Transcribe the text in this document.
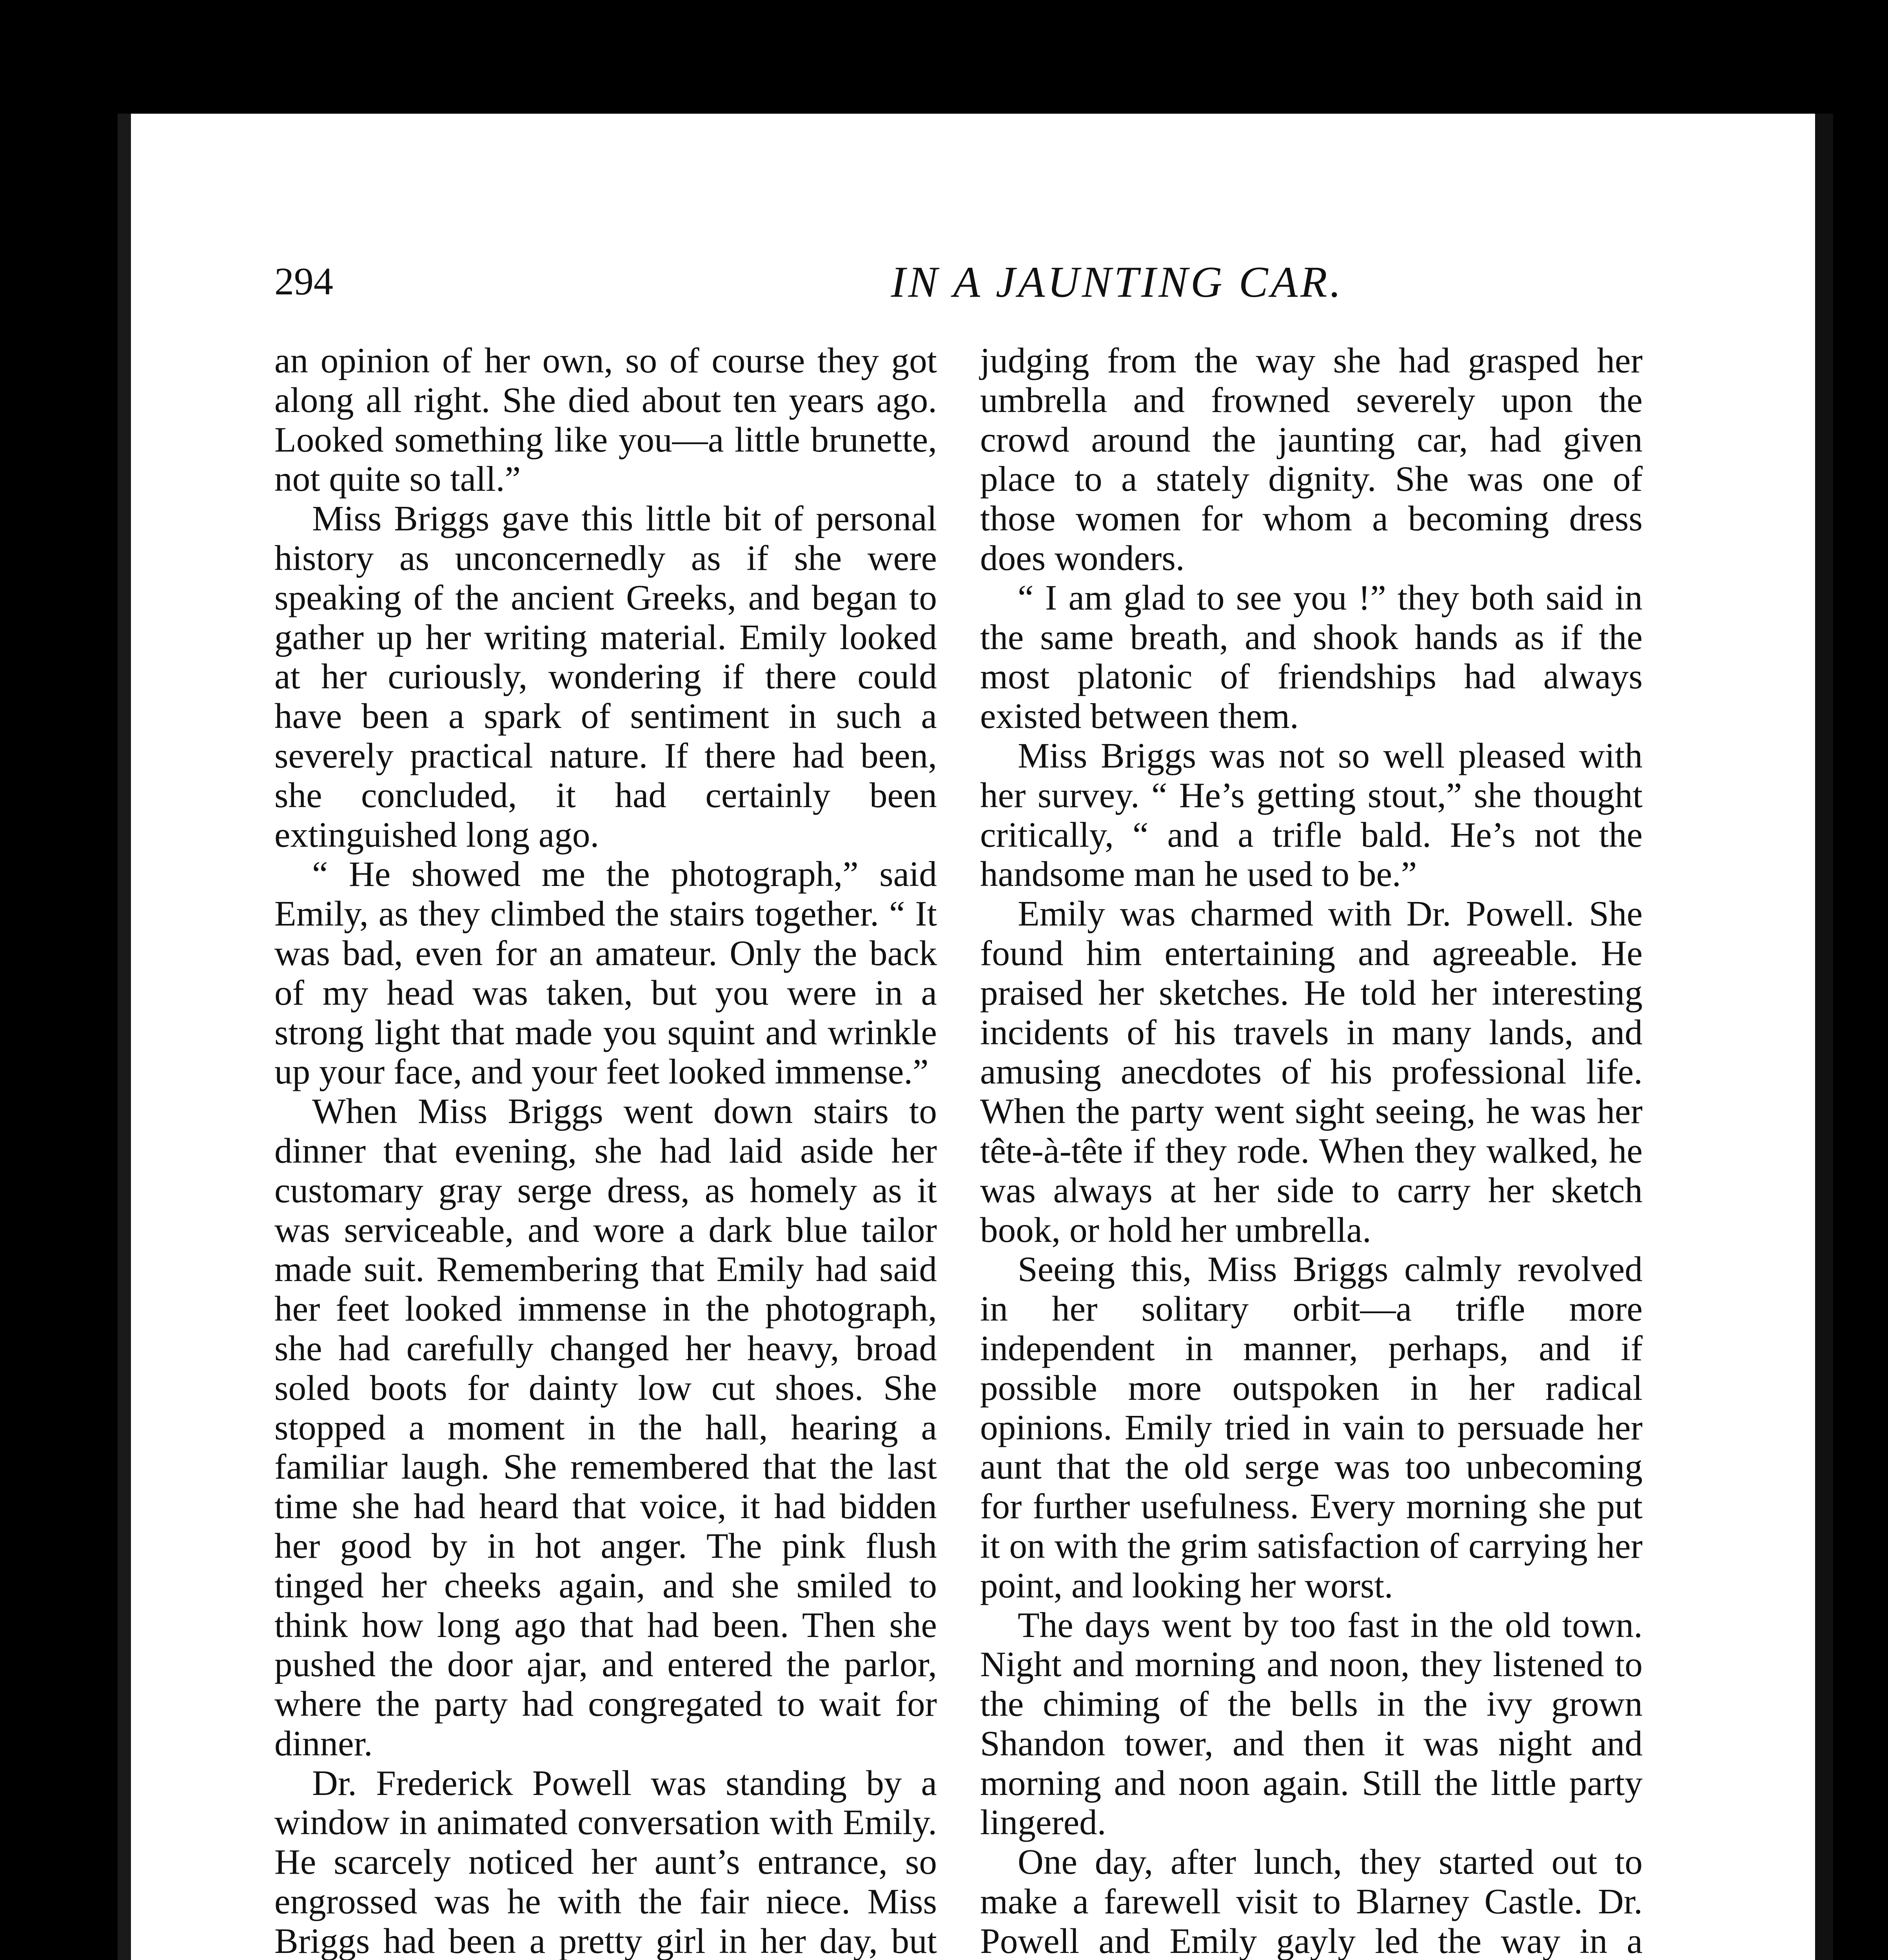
294	IN A JAUNTING CAR.

an opinion of her own, so of course they got along all right. She died about ten years ago. Looked something like you—a little brunette, not quite so tall.”

Miss Briggs gave this little bit of personal history as unconcernedly as if she were speaking of the ancient Greeks, and began to gather up her writing material. Emily looked at her curiously, wondering if there could have been a spark of sentiment in such a severely practical nature. If there had been, she concluded, it had certainly been extinguished long ago.

“ He showed me the photograph,” said Emily, as they climbed the stairs together. “ It was bad, even for an amateur. Only the back of my head was taken, but you were in a strong light that made you squint and wrinkle up your face, and your feet looked immense.”

When Miss Briggs went down stairs to dinner that evening, she had laid aside her customary gray serge dress, as homely as it was serviceable, and wore a dark blue tailor made suit. Remembering that Emily had said her feet looked immense in the photograph, she had carefully changed her heavy, broad soled boots for dainty low cut shoes. She stopped a moment in the hall, hearing a familiar laugh. She remembered that the last time she had heard that voice, it had bidden her good by in hot anger. The pink flush tinged her cheeks again, and she smiled to think how long ago that had been. Then she pushed the door ajar, and entered the parlor, where the party had congregated to wait for dinner.

Dr. Frederick Powell was standing by a window in animated conversation with Emily. He scarcely noticed her aunt’s entrance, so engrossed was he with the fair niece. Miss Briggs had been a pretty girl in her day, but

judging from the way she had grasped her umbrella and frowned severely upon the crowd around the jaunting car, had given place to a stately dignity. She was one of those women for whom a becoming dress does wonders.

“ I am glad to see you !” they both said in the same breath, and shook hands as if the most platonic of friendships had always existed between them.

Miss Briggs was not so well pleased with her survey. “ He’s getting stout,” she thought critically, “ and a trifle bald. He’s not the handsome man he used to be.”

Emily was charmed with Dr. Powell. She found him entertaining and agreeable. He praised her sketches. He told her interesting incidents of his travels in many lands, and amusing anecdotes of his professional life. When the party went sight seeing, he was her tête-à-tête if they rode. When they walked, he was always at her side to carry her sketch book, or hold her umbrella.

Seeing this, Miss Briggs calmly revolved in her solitary orbit—a trifle more independent in manner, perhaps, and if possible more outspoken in her radical opinions. Emily tried in vain to persuade her aunt that the old serge was too unbecoming for further usefulness. Every morning she put it on with the grim satisfaction of carrying her point, and looking her worst.

The days went by too fast in the old town. Night and morning and noon, they listened to the chiming of the bells in the ivy grown Shandon tower, and then it was night and morning and noon again. Still the little party lingered.

One day, after lunch, they started out to make a farewell visit to Blarney Castle. Dr. Powell and Emily gayly led the way in a
